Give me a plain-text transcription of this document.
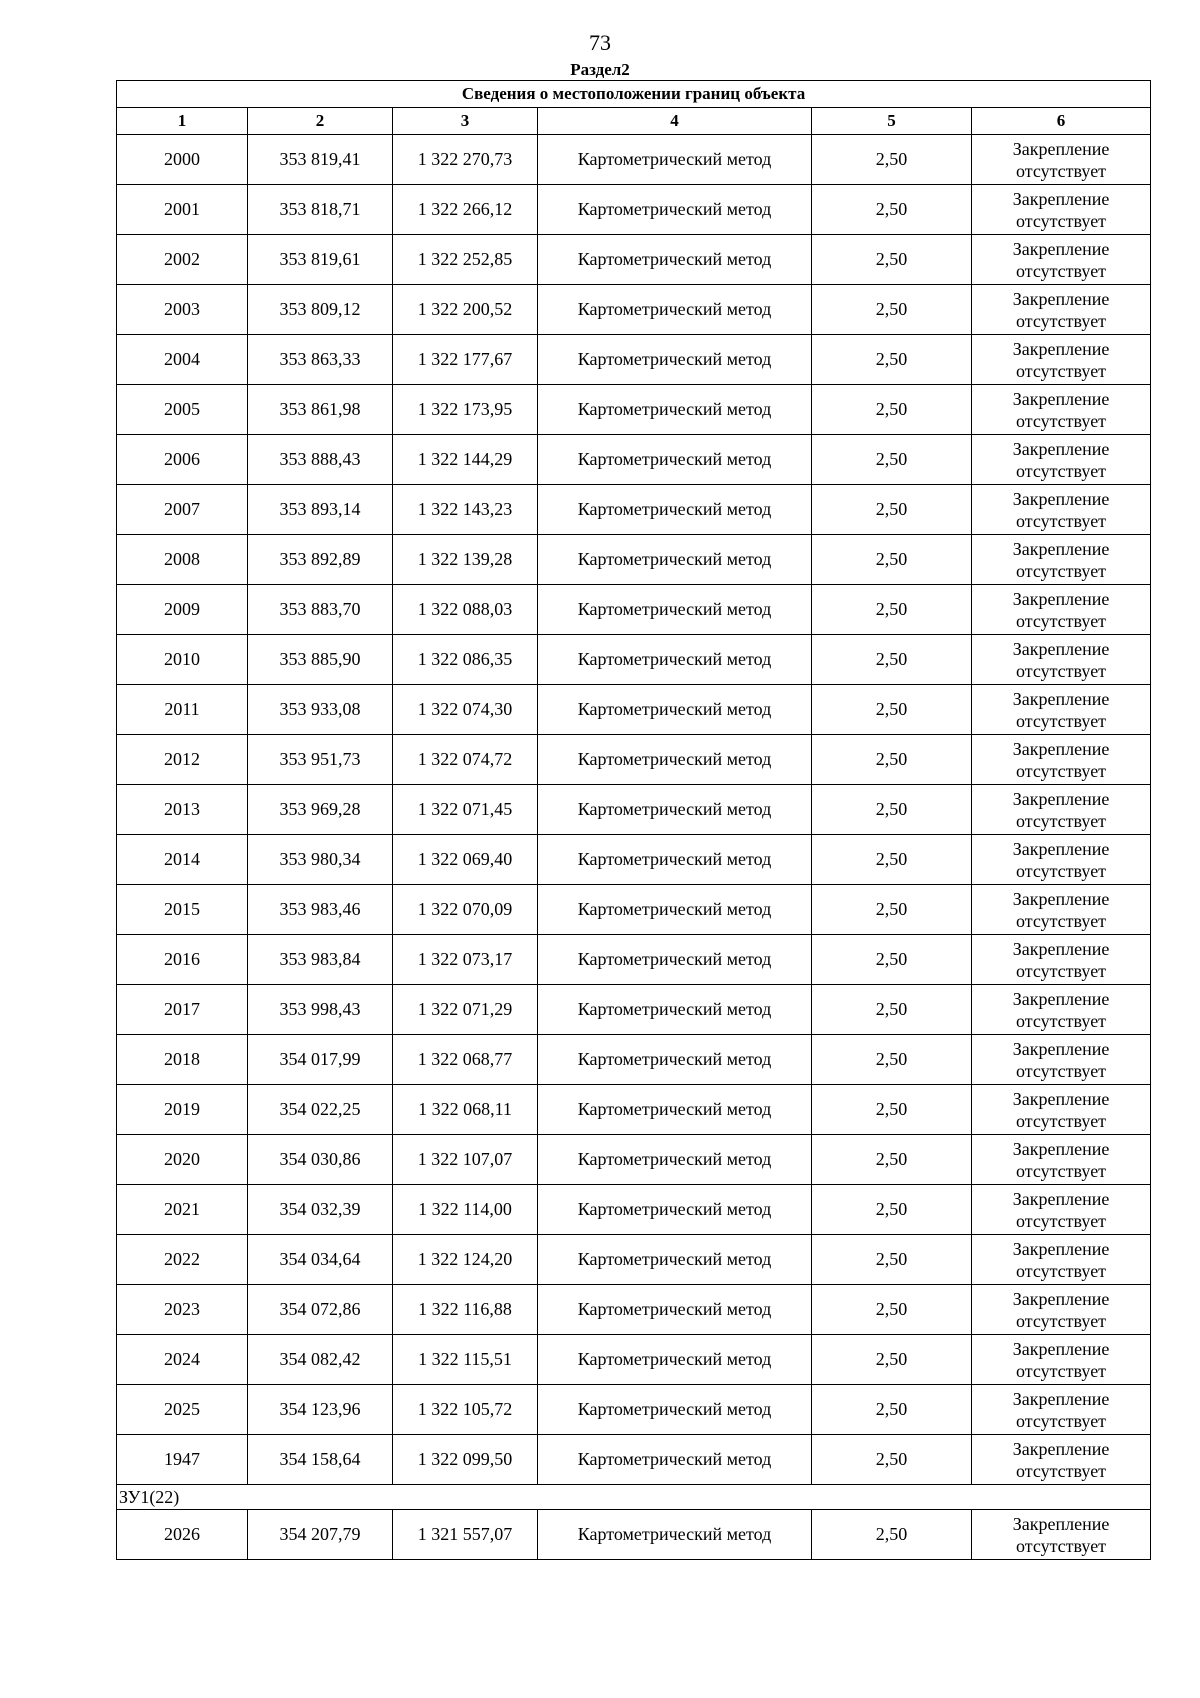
73
Раздел2
Сведения о местоположении границ объекта					
1	2	3	4	5	6
2000	353 819,41	1 322 270,73	Картометрический метод	2,50	Закрепление отсутствует
2001	353 818,71	1 322 266,12	Картометрический метод	2,50	Закрепление отсутствует
2002	353 819,61	1 322 252,85	Картометрический метод	2,50	Закрепление отсутствует
2003	353 809,12	1 322 200,52	Картометрический метод	2,50	Закрепление отсутствует
2004	353 863,33	1 322 177,67	Картометрический метод	2,50	Закрепление отсутствует
2005	353 861,98	1 322 173,95	Картометрический метод	2,50	Закрепление отсутствует
2006	353 888,43	1 322 144,29	Картометрический метод	2,50	Закрепление отсутствует
2007	353 893,14	1 322 143,23	Картометрический метод	2,50	Закрепление отсутствует
2008	353 892,89	1 322 139,28	Картометрический метод	2,50	Закрепление отсутствует
2009	353 883,70	1 322 088,03	Картометрический метод	2,50	Закрепление отсутствует
2010	353 885,90	1 322 086,35	Картометрический метод	2,50	Закрепление отсутствует
2011	353 933,08	1 322 074,30	Картометрический метод	2,50	Закрепление отсутствует
2012	353 951,73	1 322 074,72	Картометрический метод	2,50	Закрепление отсутствует
2013	353 969,28	1 322 071,45	Картометрический метод	2,50	Закрепление отсутствует
2014	353 980,34	1 322 069,40	Картометрический метод	2,50	Закрепление отсутствует
2015	353 983,46	1 322 070,09	Картометрический метод	2,50	Закрепление отсутствует
2016	353 983,84	1 322 073,17	Картометрический метод	2,50	Закрепление отсутствует
2017	353 998,43	1 322 071,29	Картометрический метод	2,50	Закрепление отсутствует
2018	354 017,99	1 322 068,77	Картометрический метод	2,50	Закрепление отсутствует
2019	354 022,25	1 322 068,11	Картометрический метод	2,50	Закрепление отсутствует
2020	354 030,86	1 322 107,07	Картометрический метод	2,50	Закрепление отсутствует
2021	354 032,39	1 322 114,00	Картометрический метод	2,50	Закрепление отсутствует
2022	354 034,64	1 322 124,20	Картометрический метод	2,50	Закрепление отсутствует
2023	354 072,86	1 322 116,88	Картометрический метод	2,50	Закрепление отсутствует
2024	354 082,42	1 322 115,51	Картометрический метод	2,50	Закрепление отсутствует
2025	354 123,96	1 322 105,72	Картометрический метод	2,50	Закрепление отсутствует
1947	354 158,64	1 322 099,50	Картометрический метод	2,50	Закрепление отсутствует
ЗУ1(22)					
2026	354 207,79	1 321 557,07	Картометрический метод	2,50	Закрепление отсутствует
